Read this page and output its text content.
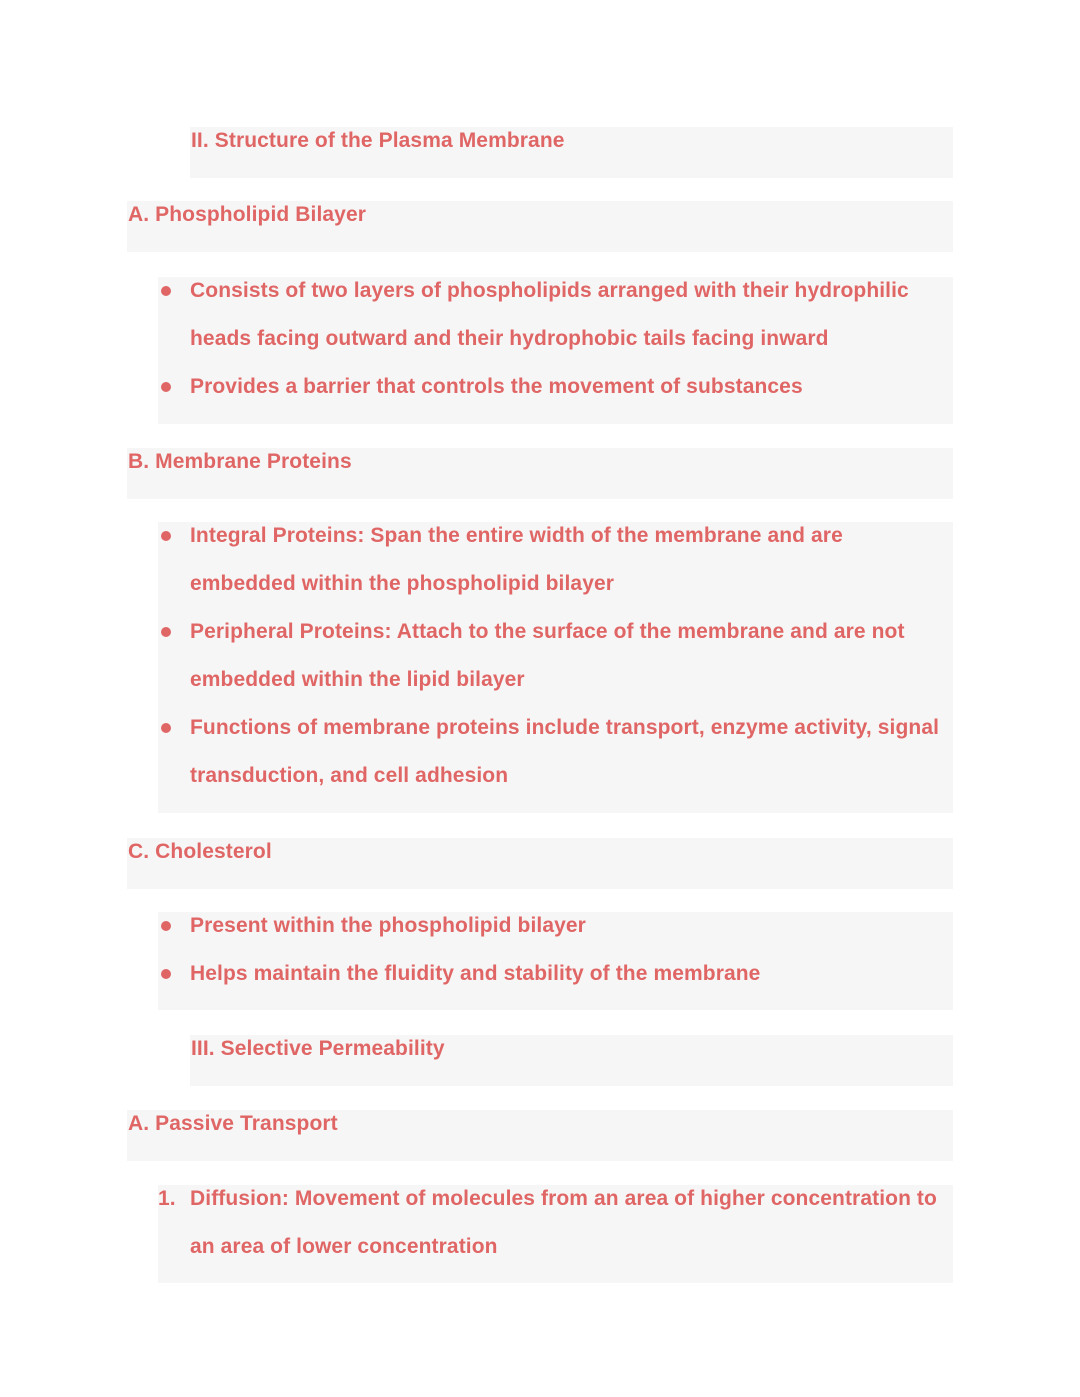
II. Structure of the Plasma Membrane
A. Phospholipid Bilayer
Consists of two layers of phospholipids arranged with their hydrophilic heads facing outward and their hydrophobic tails facing inward
Provides a barrier that controls the movement of substances
B. Membrane Proteins
Integral Proteins: Span the entire width of the membrane and are embedded within the phospholipid bilayer
Peripheral Proteins: Attach to the surface of the membrane and are not embedded within the lipid bilayer
Functions of membrane proteins include transport, enzyme activity, signal transduction, and cell adhesion
C. Cholesterol
Present within the phospholipid bilayer
Helps maintain the fluidity and stability of the membrane
III. Selective Permeability
A. Passive Transport
1. Diffusion: Movement of molecules from an area of higher concentration to an area of lower concentration
